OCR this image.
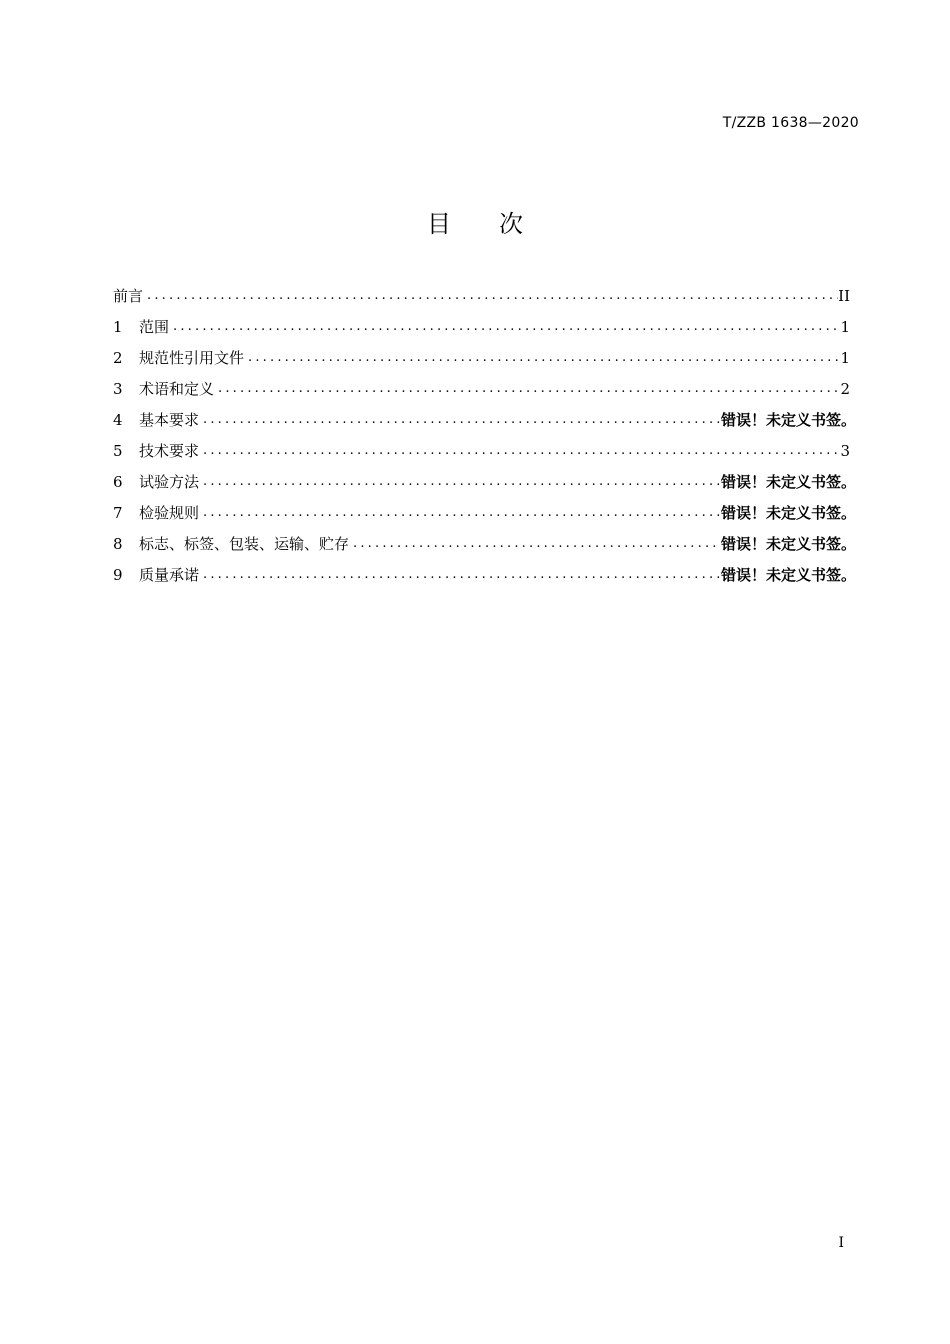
T/ZZB 1638—2020
目　　次
前言 .....	II
1	范围 .....	1
2	规范性引用文件 .....	1
3	术语和定义 .....	2
4	基本要求 .....	错误！未定义书签。
5	技术要求 .....	3
6	试验方法 .....	错误！未定义书签。
7	检验规则 .....	错误！未定义书签。
8	标志、标签、包装、运输、贮存 .....	错误！未定义书签。
9	质量承诺 .....	错误！未定义书签。
I
